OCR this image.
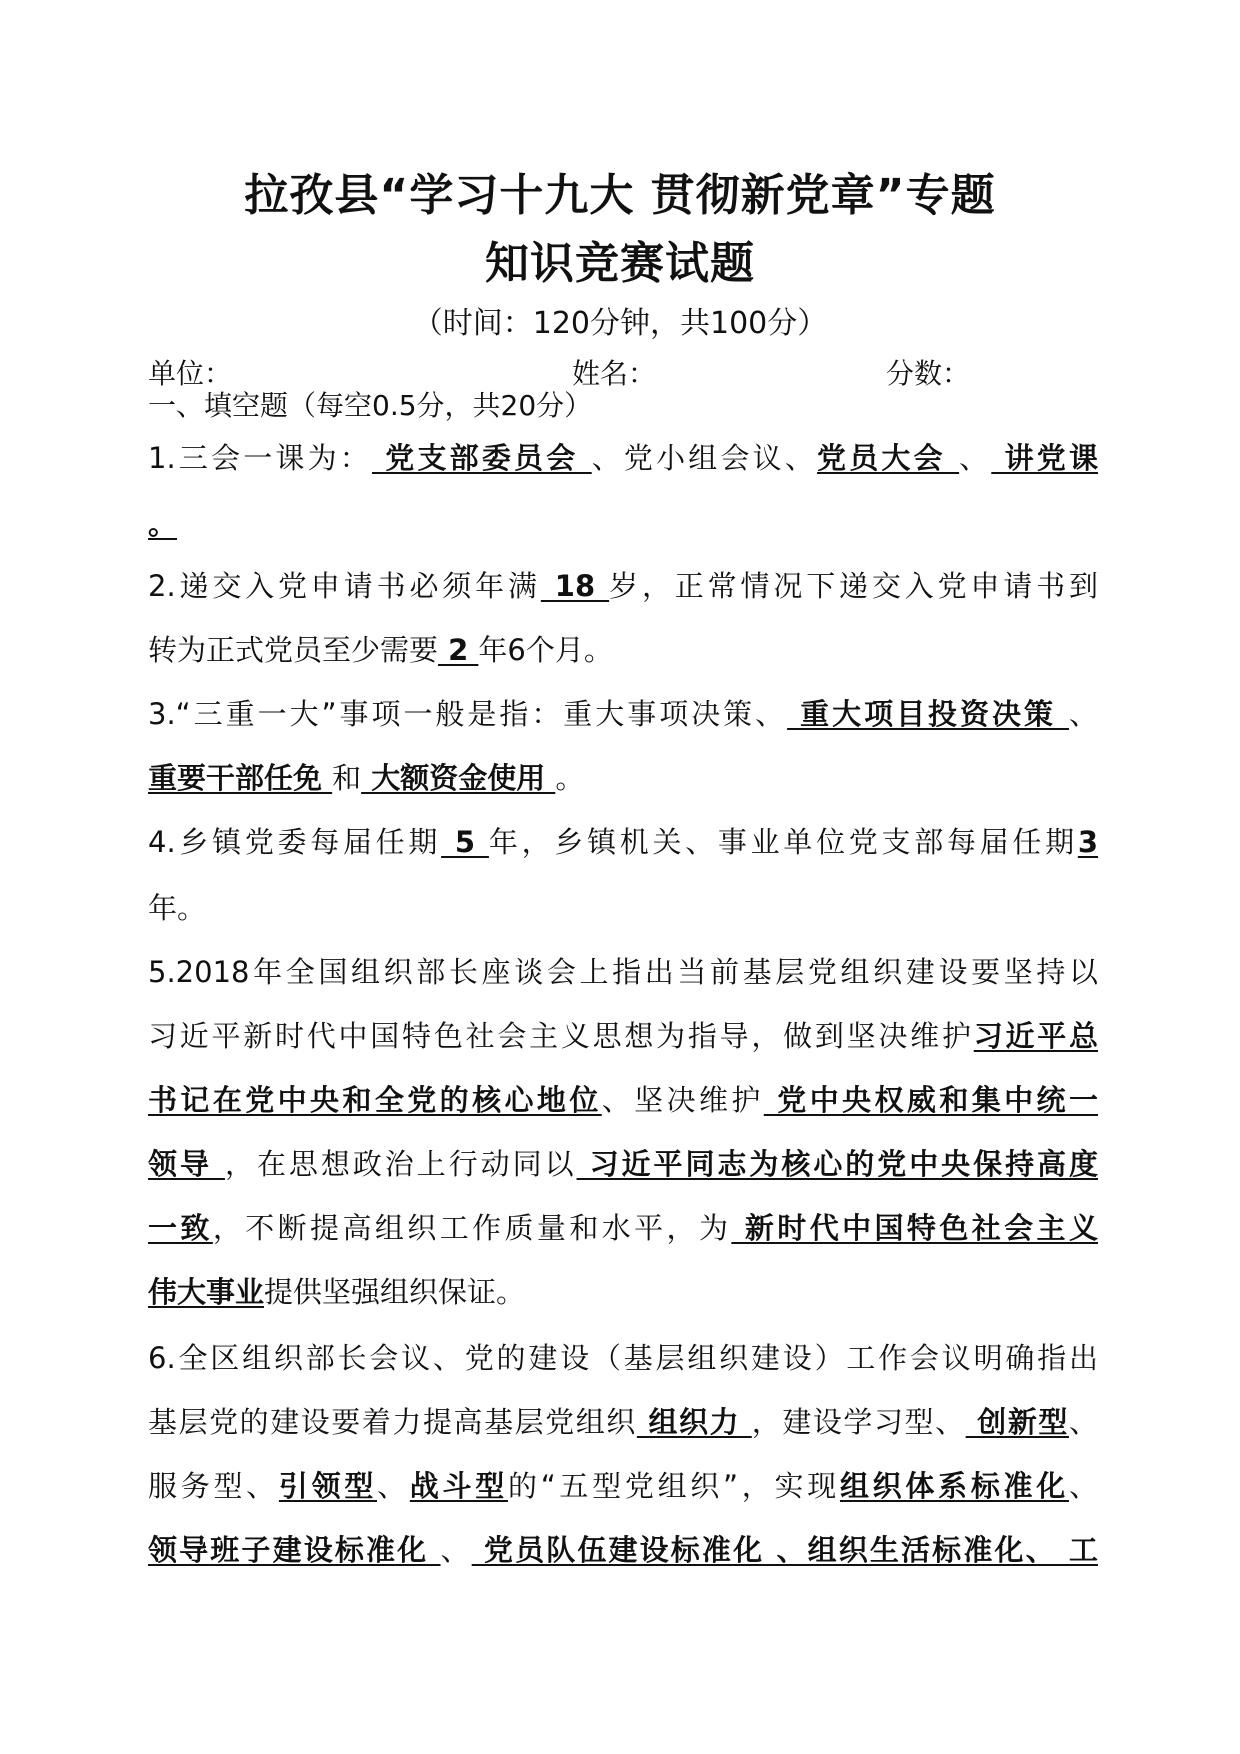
拉孜县“学习十九大 贯彻新党章”专题
知识竞赛试题
（时间：120分钟，共100分）
单位：	姓名：	分数：
一、填空题（每空0.5分，共20分）
1.三会一课为： 党支部委员会 、党小组会议、党员大会 、 讲党课
。
2.递交入党申请书必须年满 18 岁，正常情况下递交入党申请书到
转为正式党员至少需要 2 年6个月。
3.“三重一大”事项一般是指：重大事项决策、 重大项目投资决策 、
重要干部任免 和 大额资金使用 。
4.乡镇党委每届任期 5 年，乡镇机关、事业单位党支部每届任期3
年。
5.2018年全国组织部长座谈会上指出当前基层党组织建设要坚持以
习近平新时代中国特色社会主义思想为指导，做到坚决维护习近平总
书记在党中央和全党的核心地位、坚决维护 党中央权威和集中统一
领导 ，在思想政治上行动同以 习近平同志为核心的党中央保持高度
一致，不断提高组织工作质量和水平，为 新时代中国特色社会主义
伟大事业提供坚强组织保证。
6.全区组织部长会议、党的建设（基层组织建设）工作会议明确指出
基层党的建设要着力提高基层党组织 组织力 ，建设学习型、 创新型、
服务型、引领型、战斗型的“五型党组织”，实现组织体系标准化、
领导班子建设标准化 、 党员队伍建设标准化 、组织生活标准化、 工
